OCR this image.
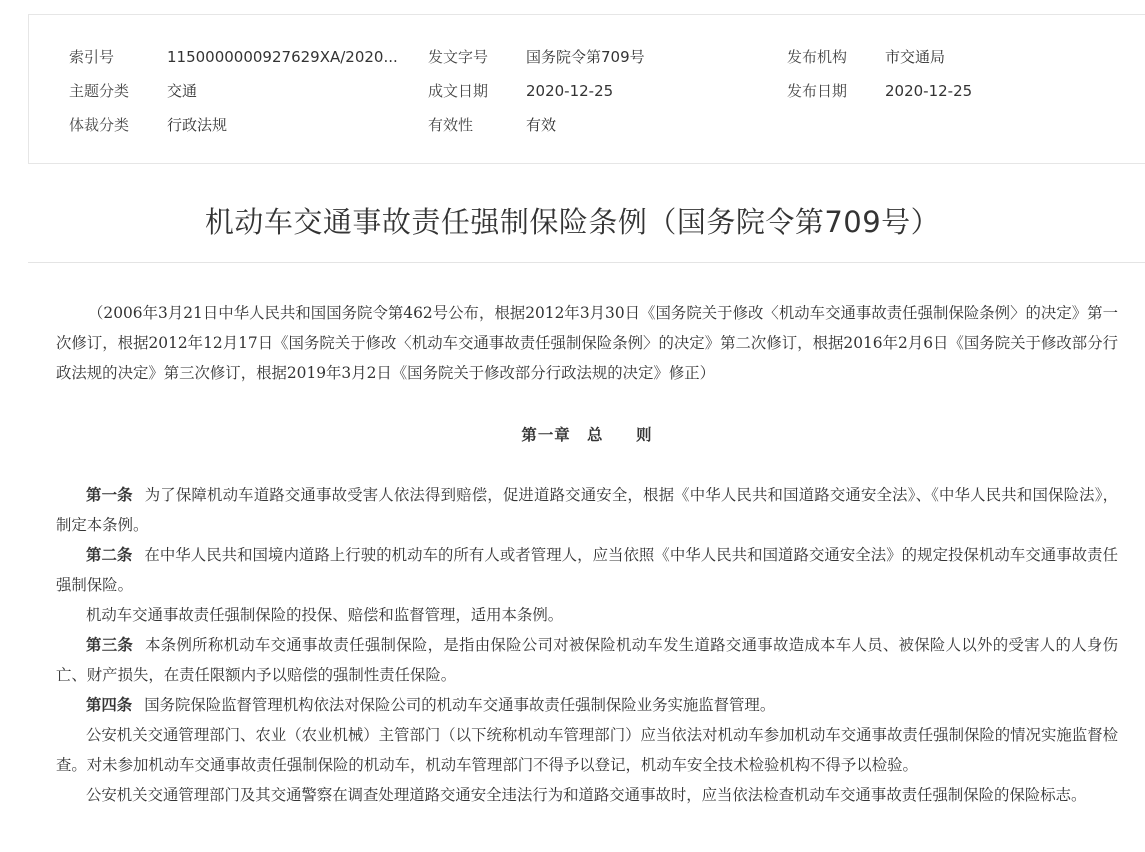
索引号	1150000000927629XA/2020... 发文字号	国务院令第709号	发布机构	市交通局
主题分类	交通	成文日期	2020-12-25	发布日期	2020-12-25
体裁分类	行政法规	有效性	有效
机动车交通事故责任强制保险条例（国务院令第709号）

（2006年3月21日中华人民共和国国务院令第462号公布，根据2012年3月30日《国务院关于修改〈机动车交通事故责任强制保险条例〉的决定》第一次修订，根据2012年12月17日《国务院关于修改〈机动车交通事故责任强制保险条例〉的决定》第二次修订，根据2016年2月6日《国务院关于修改部分行政法规的决定》第三次修订，根据2019年3月2日《国务院关于修改部分行政法规的决定》修正）

第一章　总　　则

第一条 为了保障机动车道路交通事故受害人依法得到赔偿，促进道路交通安全，根据《中华人民共和国道路交通安全法》、《中华人民共和国保险法》，制定本条例。

第二条 在中华人民共和国境内道路上行驶的机动车的所有人或者管理人，应当依照《中华人民共和国道路交通安全法》的规定投保机动车交通事故责任强制保险。

机动车交通事故责任强制保险的投保、赔偿和监督管理，适用本条例。

第三条 本条例所称机动车交通事故责任强制保险，是指由保险公司对被保险机动车发生道路交通事故造成本车人员、被保险人以外的受害人的人身伤亡、财产损失，在责任限额内予以赔偿的强制性责任保险。

第四条 国务院保险监督管理机构依法对保险公司的机动车交通事故责任强制保险业务实施监督管理。

公安机关交通管理部门、农业（农业机械）主管部门（以下统称机动车管理部门）应当依法对机动车参加机动车交通事故责任强制保险的情况实施监督检查。对未参加机动车交通事故责任强制保险的机动车，机动车管理部门不得予以登记，机动车安全技术检验机构不得予以检验。

公安机关交通管理部门及其交通警察在调查处理道路交通安全违法行为和道路交通事故时，应当依法检查机动车交通事故责任强制保险的保险标志。
